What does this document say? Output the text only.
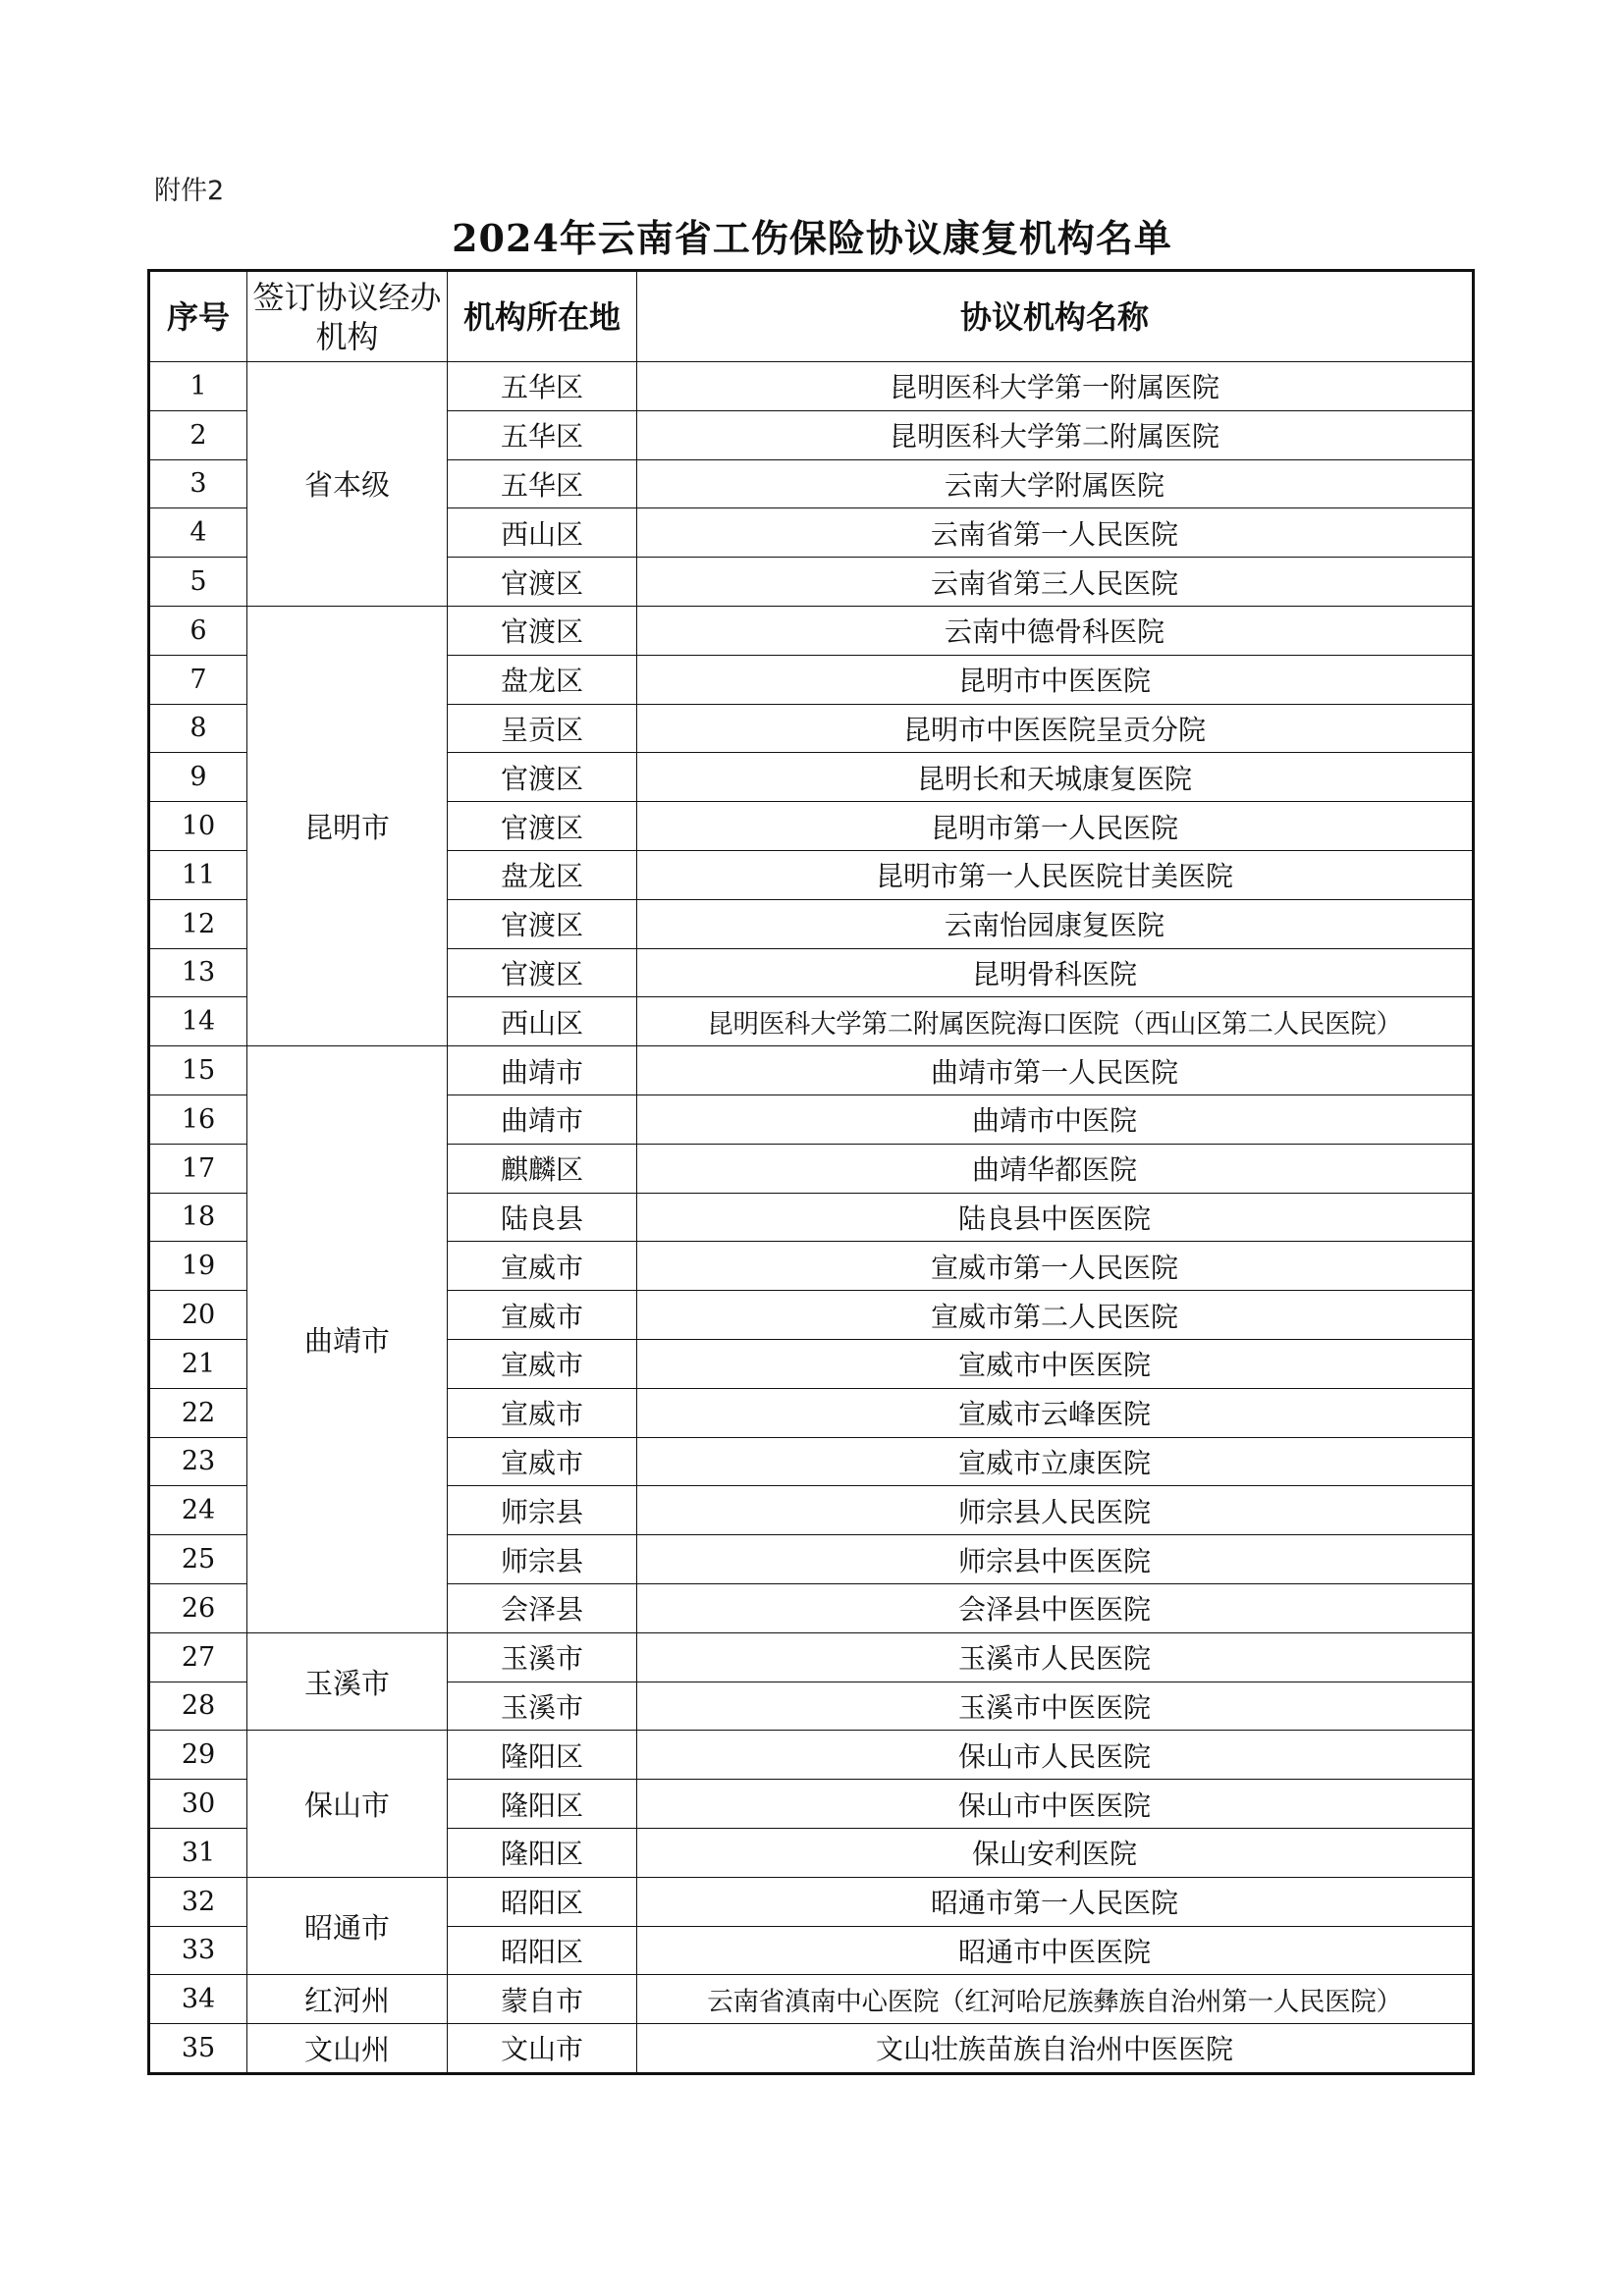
附件2
2024年云南省工伤保险协议康复机构名单
序号	签订协议经办机构	机构所在地	协议机构名称
1	省本级	五华区	昆明医科大学第一附属医院
2		五华区	昆明医科大学第二附属医院
3		五华区	云南大学附属医院
4		西山区	云南省第一人民医院
5		官渡区	云南省第三人民医院
6	昆明市	官渡区	云南中德骨科医院
7		盘龙区	昆明市中医医院
8		呈贡区	昆明市中医医院呈贡分院
9		官渡区	昆明长和天城康复医院
10		官渡区	昆明市第一人民医院
11		盘龙区	昆明市第一人民医院甘美医院
12		官渡区	云南怡园康复医院
13		官渡区	昆明骨科医院
14		西山区	昆明医科大学第二附属医院海口医院（西山区第二人民医院）
15	曲靖市	曲靖市	曲靖市第一人民医院
16		曲靖市	曲靖市中医院
17		麒麟区	曲靖华都医院
18		陆良县	陆良县中医医院
19		宣威市	宣威市第一人民医院
20		宣威市	宣威市第二人民医院
21		宣威市	宣威市中医医院
22		宣威市	宣威市云峰医院
23		宣威市	宣威市立康医院
24		师宗县	师宗县人民医院
25		师宗县	师宗县中医医院
26		会泽县	会泽县中医医院
27	玉溪市	玉溪市	玉溪市人民医院
28		玉溪市	玉溪市中医医院
29	保山市	隆阳区	保山市人民医院
30		隆阳区	保山市中医医院
31		隆阳区	保山安利医院
32	昭通市	昭阳区	昭通市第一人民医院
33		昭阳区	昭通市中医医院
34	红河州	蒙自市	云南省滇南中心医院（红河哈尼族彝族自治州第一人民医院）
35	文山州	文山市	文山壮族苗族自治州中医医院
